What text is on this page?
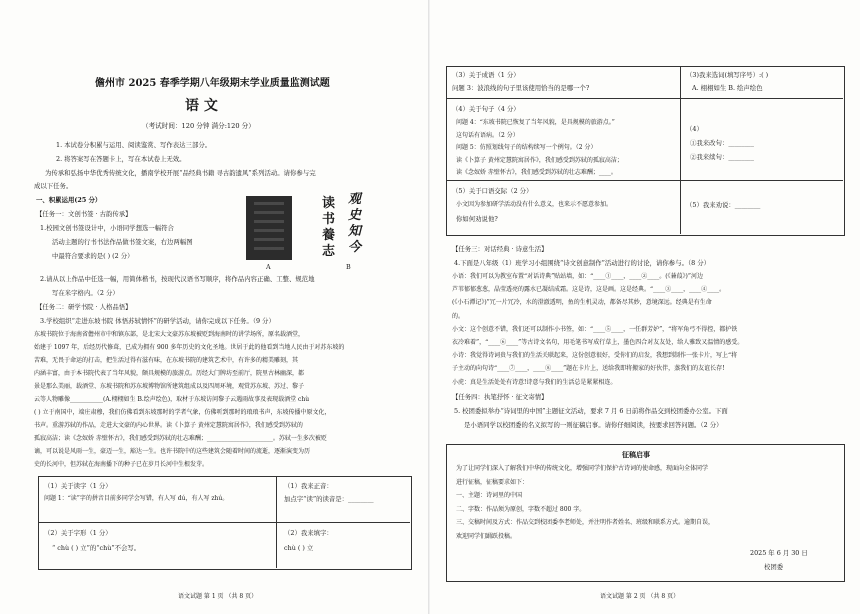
儋州市 2025 春季学期八年级期末学业质量监测试题
语 文
（考试时间：120 分钟 满分:120 分）
1. 本试卷分积累与运用、阅读鉴赏、写作表达三部分。
2. 将答案写在答题卡上，写在本试卷上无效。
为传承和弘扬中华优秀传统文化，播南学校开展“品经典书籍 寻古韵遗风”系列活动。请你参与完
成以下任务。
一、积累运用(25 分）
【任务一：文创书签 · 古韵传承】
1.校园文创书签设计中，小语同学想选一幅符合
活动主题的行书书法作品做书签文案，右边两幅图
中最符合要求的是( ) (2 分）
A
读书養志
观史知今
B
2.请从以上作品中任选一幅，用简体楷书，按现代汉语书写顺序，将作品内容正确、工整、规范地
写在米字格内。（2 分）
【任务二：研学书院 · 人格品悟】
3.学校组织“走进东坡书院 体悟苏轼情怀”的研学活动，请你完成以下任务。（9 分）
东坡书院位于海南省儋州市中和镇东部，是北宋大文豪苏东坡被贬到海南时的讲学场所，原名载酒堂，
始建于 1097 年，后经历代修葺，已成为拥有 900 多年历史的文化圣地。世居于此的他看到当地人民由于对苏东坡的
苦难，无畏于命运的打击，把生活过得有滋有味，在东坡书院的建筑艺术中，有许多的精美雕刻，其
内涵丰富，由于本书院代表了当年风貌，颇具规模的旅游点。历经大门牌坊至前厅，院里古林幽深，都
景是那么美丽，载酒堂、东坡书院和苏东坡博物馆所建筑组成以及四周环境，观赏苏东坡、苏过、黎子
云等人物雕像___________(A.栩栩如生 B.绘声绘色)，取材于东坡访问黎子云遇雨故事及表现载酒堂 chù
( ) 立于南国中，端庄肃穆，我们仿佛看到东坡那时的学者气象，仿佛听到那时的琅琅书声，东坡传播中原文化，
书声。重游苏轼的作品，走进大文豪的内心世界。读《卜算子 黄州定慧院寓居作》，我们感受到苏轼的
孤寂高洁；读《念奴娇 赤壁怀古》，我们感受到苏轼的壮志难酬；______________________。苏轼一生多次被贬
谪，可以说是风雨一生，豪迈一生，豁达一生。也许书院中的这些建筑会随着时间的流逝，逐渐演变为历
史的长河中，但苏轼在海南播下的种子已在岁月长河中生根发芽。
（1）关于读字（1 分）
问题 1：“读”字的拼音目前多同学会写错，有人写 dú，有人写 zhú。
（1）我来正音：
加点字“读”的读音是：________
（2）关于字形（1 分）
“ chù ( ) 立”的“chù”不会写。
（2）我来填字：
chù ( ) 立
语文试题 第 1 页 （共 8 页）
（3）关于成语（1 分）
问题 3：波浪线的句子里该使用恰当的是哪一个?
（3)我来选词(填写序号）:( )
A. 栩栩如生 B. 绘声绘色
（4）关于句子（4 分）
问题 4：“东坡书院已恢复了当年风貌，是具规模的旅游点。”
这句话有语病。（2 分）
问题 5：仿照划线句子的结构续写一个例句。（2 分）
读《卜算子 黄州定慧院寓居作》，我们感受到苏轼的孤寂高洁；
读《念奴娇 赤壁怀古》，我们感受到苏轼的壮志难酬；____。
（4）
①我来改句：________
②我来续句：________
（5）关于口语交际（2 分）
小文因为参加研学活动没有什么意义，也来示不愿意参加。
你如何劝说他?
（5）我来劝说：________
【任务三：对话经典 · 诗意生活】
4.下面是八年级（1）班学习小组围绕“诗文创意制作”活动进行的讨论，请你参与。（8 分）
小语：我们可以为教室布置“对话诗典”贴站墙，如：“____①____，____②____。(《蒹葭》)”河边
芦苇郁郁葱葱，晶莹透亮的露水已凝结成霜。这是诗，这是画。这是经典。“____③____，____④____。
(《小石潭记》)”冗一片冗冷，水的澄澈透明，鱼的生机灵动，都备尽其妙，意境深远。经典是有生命
的。
小文：这个创意不错，我们还可以制作小书签，如：“____⑤____，一任群芳妒”，“将军角弓不得控，都护铁
衣冷难着”，“____⑥____”等古诗文名句，用毛笔书写成行草上，墨色四合对友友处，给人雅致又温情的感受。
小诗：我觉得诗词贵与我们的生活关联起来，这份创意很好，受你们的启发，我想到制作一张卡片，写上“将
子主动的向句诗“____⑦____，____⑧____”题在卡片上，送给我即将搬家的好伙伴，蒸我们的友谊长存!
小虎：真是生活处处有诗意!诗意与我们的生活总是紧紧相连。
【任务四：执笔抒怀 · 征文寄情】
5. 校团委拟举办“诗词里的中国”主题征文活动，要求 7 月 6 日前将作品交到校团委办公室。下面
是小语同学以校团委的名义拟写的一则征稿启事。请你仔细阅读，按要求回答问题。（2 分）
征稿启事
为了让同学们深入了解我们中华的传统文化，增强同学们保护古诗词的使命感，现面向全体同学
进行征稿，征稿要求如下：
一、主题：诗词里的中国
二、字数：作品须为原创，字数不超过 800 字。
三、交稿时间及方式：作品交到校团委李老师处，并注明作者姓名、班级和联系方式。逾期自误，
欢迎同学们踊跃投稿。
2025 年 6 月 30 日
校团委
语文试题 第 2 页 （共 8 页）
